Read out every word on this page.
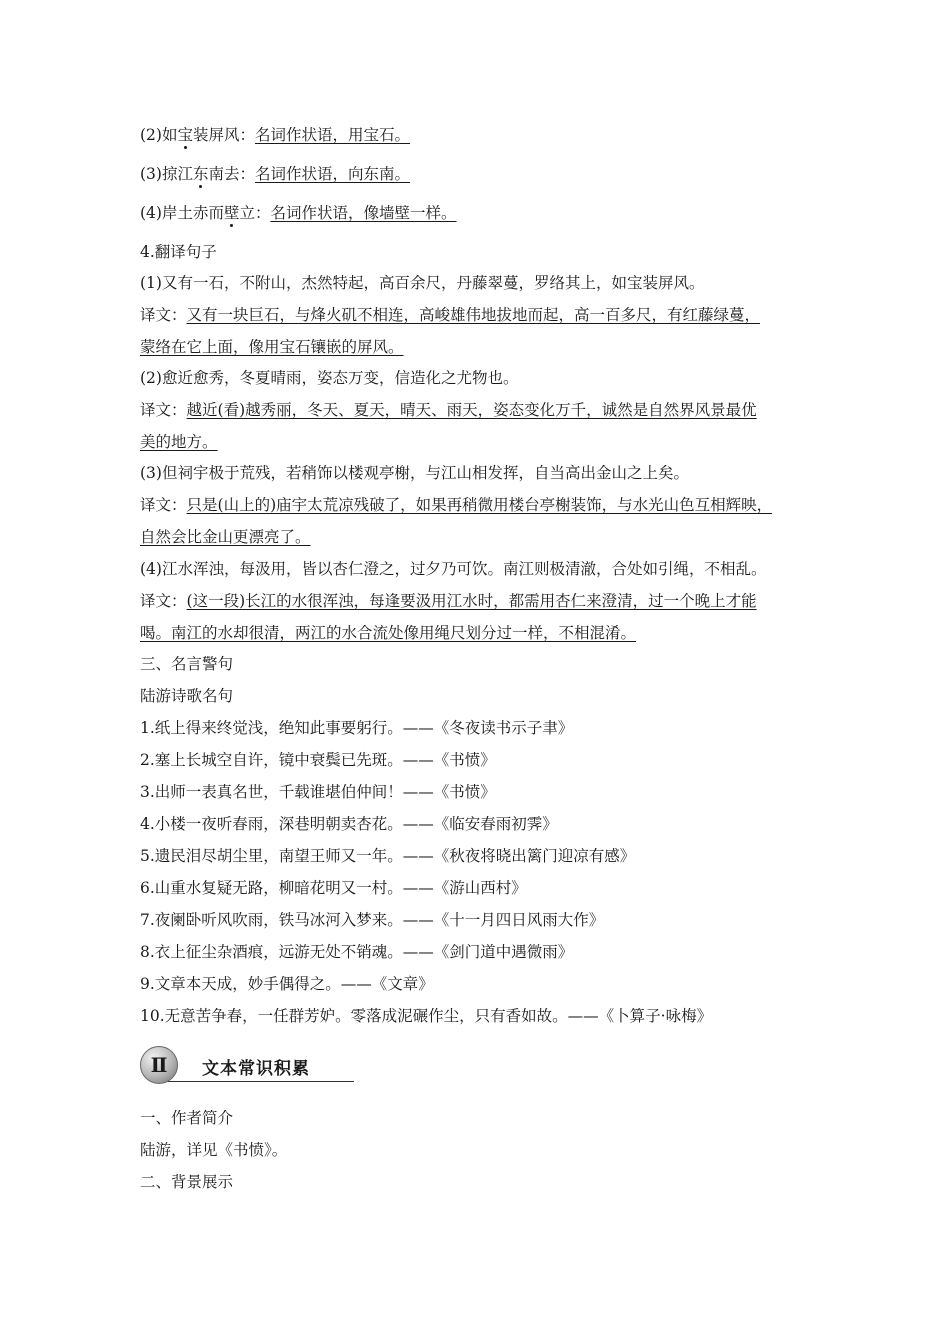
(2)如宝装屏风：名词作状语，用宝石。
(3)掠江东南去：名词作状语，向东南。
(4)岸土赤而壁立：名词作状语，像墙壁一样。
4.翻译句子
(1)又有一石，不附山，杰然特起，高百余尺，丹藤翠蔓，罗络其上，如宝装屏风。
译文：又有一块巨石，与烽火矶不相连，高峻雄伟地拔地而起，高一百多尺，有红藤绿蔓，
蒙络在它上面，像用宝石镶嵌的屏风。
(2)愈近愈秀，冬夏晴雨，姿态万变，信造化之尤物也。
译文：越近(看)越秀丽，冬天、夏天，晴天、雨天，姿态变化万千，诚然是自然界风景最优
美的地方。
(3)但祠宇极于荒残，若稍饰以楼观亭榭，与江山相发挥，自当高出金山之上矣。
译文：只是(山上的)庙宇太荒凉残破了，如果再稍微用楼台亭榭装饰，与水光山色互相辉映，
自然会比金山更漂亮了。
(4)江水浑浊，每汲用，皆以杏仁澄之，过夕乃可饮。南江则极清澈，合处如引绳，不相乱。
译文：(这一段)长江的水很浑浊，每逢要汲用江水时，都需用杏仁来澄清，过一个晚上才能
喝。南江的水却很清，两江的水合流处像用绳尺划分过一样，不相混淆。
三、名言警句
陆游诗歌名句
1.纸上得来终觉浅，绝知此事要躬行。——《冬夜读书示子聿》
2.塞上长城空自许，镜中衰鬓已先斑。——《书愤》
3.出师一表真名世，千载谁堪伯仲间！——《书愤》
4.小楼一夜听春雨，深巷明朝卖杏花。——《临安春雨初霁》
5.遗民泪尽胡尘里，南望王师又一年。——《秋夜将晓出篱门迎凉有感》
6.山重水复疑无路，柳暗花明又一村。——《游山西村》
7.夜阑卧听风吹雨，铁马冰河入梦来。——《十一月四日风雨大作》
8.衣上征尘杂酒痕，远游无处不销魂。——《剑门道中遇微雨》
9.文章本天成，妙手偶得之。——《文章》
10.无意苦争春，一任群芳妒。零落成泥碾作尘，只有香如故。——《卜算子·咏梅》
Ⅱ	文本常识积累
一、作者简介
陆游，详见《书愤》。
二、背景展示
